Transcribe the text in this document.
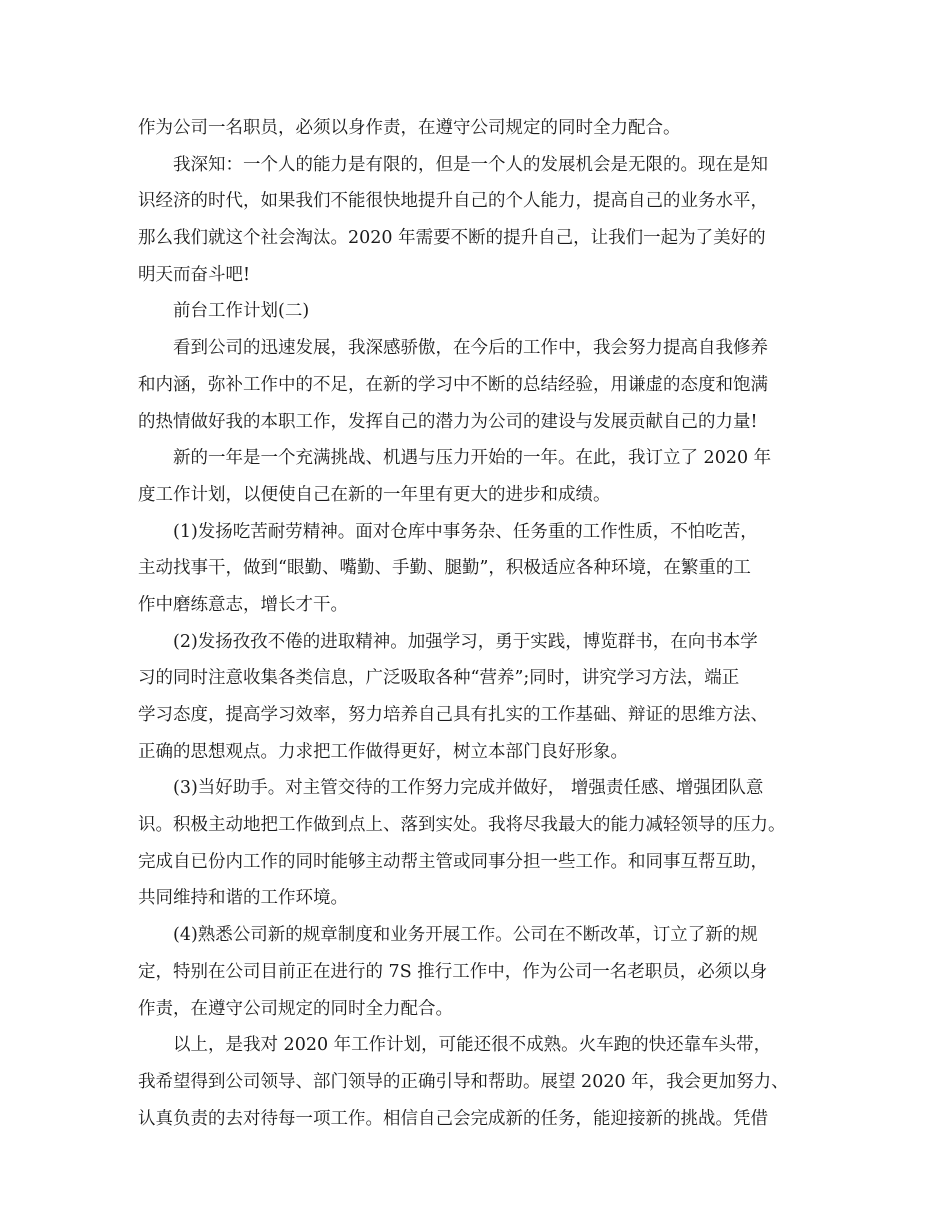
作为公司一名职员，必须以身作责，在遵守公司规定的同时全力配合。
我深知：一个人的能力是有限的，但是一个人的发展机会是无限的。现在是知
识经济的时代，如果我们不能很快地提升自己的个人能力，提高自己的业务水平，
那么我们就这个社会淘汰。2020 年需要不断的提升自己，让我们一起为了美好的
明天而奋斗吧!
前台工作计划(二)
看到公司的迅速发展，我深感骄傲，在今后的工作中，我会努力提高自我修养
和内涵，弥补工作中的不足，在新的学习中不断的总结经验，用谦虚的态度和饱满
的热情做好我的本职工作，发挥自己的潜力为公司的建设与发展贡献自己的力量!
新的一年是一个充满挑战、机遇与压力开始的一年。在此，我订立了 2020 年
度工作计划，以便使自己在新的一年里有更大的进步和成绩。
(1)发扬吃苦耐劳精神。面对仓库中事务杂、任务重的工作性质，不怕吃苦，
主动找事干，做到“眼勤、嘴勤、手勤、腿勤”，积极适应各种环境，在繁重的工
作中磨练意志，增长才干。
(2)发扬孜孜不倦的进取精神。加强学习，勇于实践，博览群书，在向书本学
习的同时注意收集各类信息，广泛吸取各种“营养”;同时，讲究学习方法，端正
学习态度，提高学习效率，努力培养自己具有扎实的工作基础、辩证的思维方法、
正确的思想观点。力求把工作做得更好，树立本部门良好形象。
(3)当好助手。对主管交待的工作努力完成并做好， 增强责任感、增强团队意
识。积极主动地把工作做到点上、落到实处。我将尽我最大的能力减轻领导的压力。
完成自已份内工作的同时能够主动帮主管或同事分担一些工作。和同事互帮互助，
共同维持和谐的工作环境。
(4)熟悉公司新的规章制度和业务开展工作。公司在不断改革，订立了新的规
定，特别在公司目前正在进行的 7S 推行工作中，作为公司一名老职员，必须以身
作责，在遵守公司规定的同时全力配合。
以上，是我对 2020 年工作计划，可能还很不成熟。火车跑的快还靠车头带，
我希望得到公司领导、部门领导的正确引导和帮助。展望 2020 年，我会更加努力、
认真负责的去对待每一项工作。相信自己会完成新的任务，能迎接新的挑战。凭借
